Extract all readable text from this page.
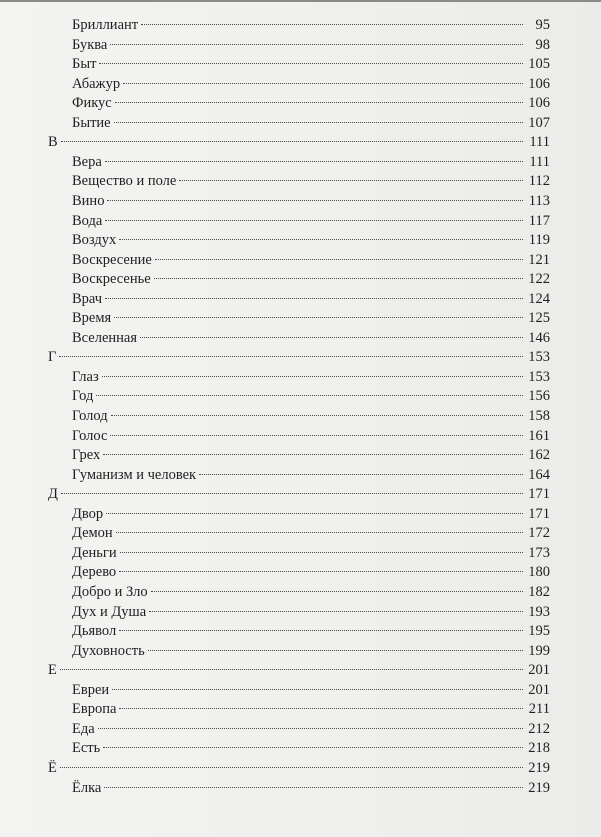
Бриллиант	95
Буква	98
Быт	105
Абажур	106
Фикус	106
Бытие	107
В	111
Вера	111
Вещество и поле	112
Вино	113
Вода	117
Воздух	119
Воскресение	121
Воскресенье	122
Врач	124
Время	125
Вселенная	146
Г	153
Глаз	153
Год	156
Голод	158
Голос	161
Грех	162
Гуманизм и человек	164
Д	171
Двор	171
Демон	172
Деньги	173
Дерево	180
Добро и Зло	182
Дух и Душа	193
Дьявол	195
Духовность	199
Е	201
Евреи	201
Европа	211
Еда	212
Есть	218
Ё	219
Ёлка	219
